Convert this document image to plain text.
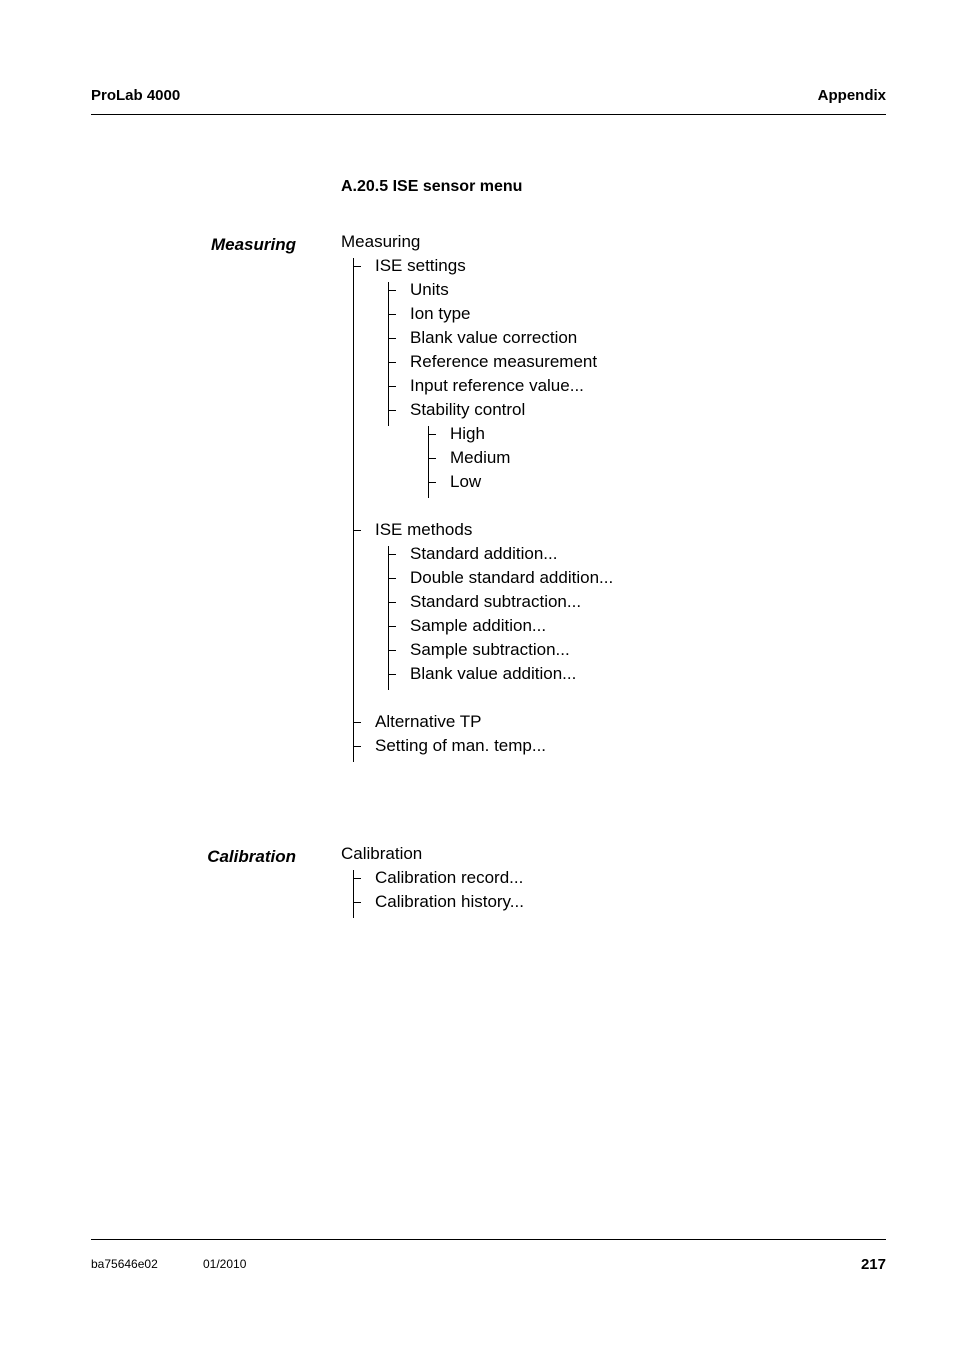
ProLab 4000	Appendix
A.20.5 ISE sensor menu
Measuring	Measuring
ISE settings
Units
Ion type
Blank value correction
Reference measurement
Input reference value...
Stability control
High
Medium
Low
ISE methods
Standard addition...
Double standard addition...
Standard subtraction...
Sample addition...
Sample subtraction...
Blank value addition...
Alternative TP
Setting of man. temp...
Calibration	Calibration
Calibration record...
Calibration history...
ba75646e02	01/2010	217
